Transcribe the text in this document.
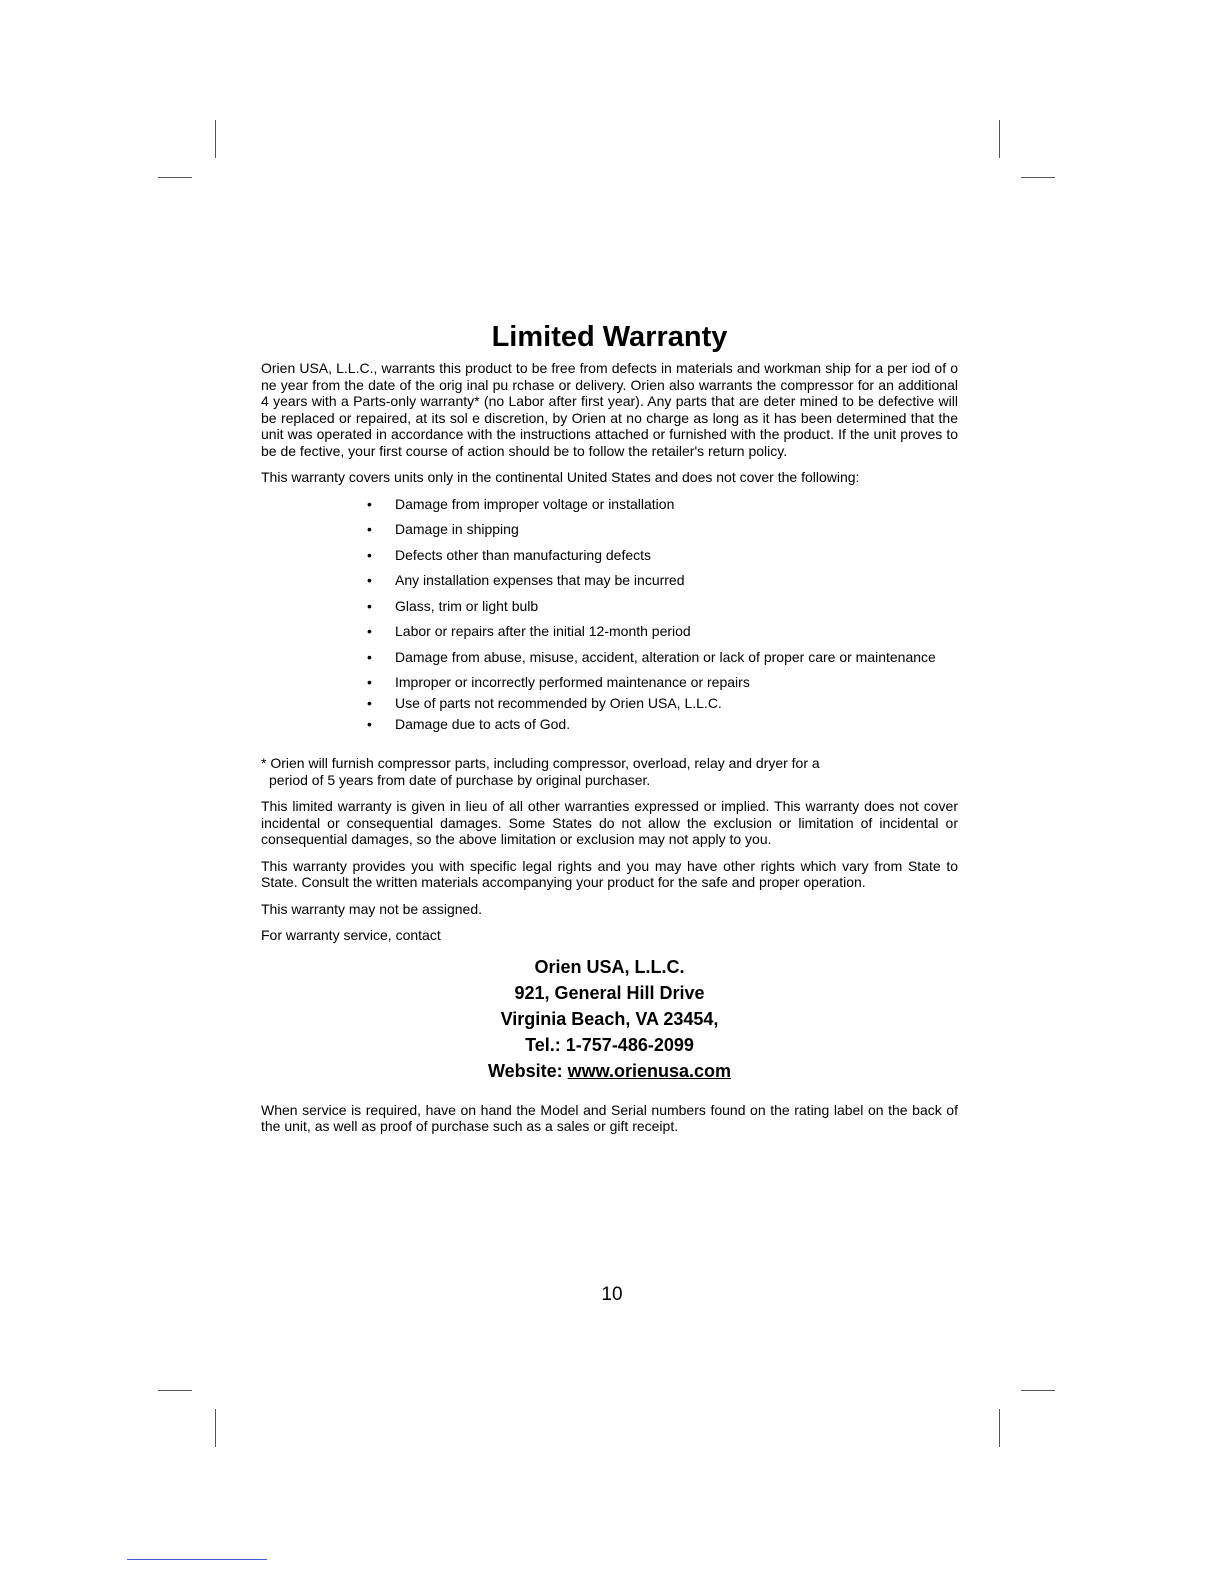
Limited Warranty

Orien USA, L.L.C., warrants this product to be free from defects in materials and workman ship for a per iod of o ne year from the date of the orig inal pu rchase or delivery. Orien also warrants the compressor for an additional 4 years with a Parts-only warranty* (no Labor after first year). Any parts that are deter mined to be defective will be replaced or repaired, at its sol e discretion, by Orien at no charge as long as it has been determined that the unit was operated in accordance with the instructions attached or furnished with the product. If the unit proves to be de fective, your first course of action should be to follow the retailer's return policy.

This warranty covers units only in the continental United States and does not cover the following:

• Damage from improper voltage or installation
• Damage in shipping
• Defects other than manufacturing defects
• Any installation expenses that may be incurred
• Glass, trim or light bulb
• Labor or repairs after the initial 12-month period
• Damage from abuse, misuse, accident, alteration or lack of proper care or maintenance
• Improper or incorrectly performed maintenance or repairs
• Use of parts not recommended by Orien USA, L.L.C.
• Damage due to acts of God.
* Orien will furnish compressor parts, including compressor, overload, relay and dryer for a
period of 5 years from date of purchase by original purchaser.

This limited warranty is given in lieu of all other warranties expressed or implied. This warranty does not cover incidental or consequential damages. Some States do not allow the exclusion or limitation of incidental or consequential damages, so the above limitation or exclusion may not apply to you.

This warranty provides you with specific legal rights and you may have other rights which vary from State to State. Consult the written materials accompanying your product for the safe and proper operation.

This warranty may not be assigned.

For warranty service, contact

Orien USA, L.L.C.
921, General Hill Drive
Virginia Beach, VA 23454,
Tel.: 1-757-486-2099
Website: www.orienusa.com

When service is required, have on hand the Model and Serial numbers found on the rating label on the back of the unit, as well as proof of purchase such as a sales or gift receipt.

10
